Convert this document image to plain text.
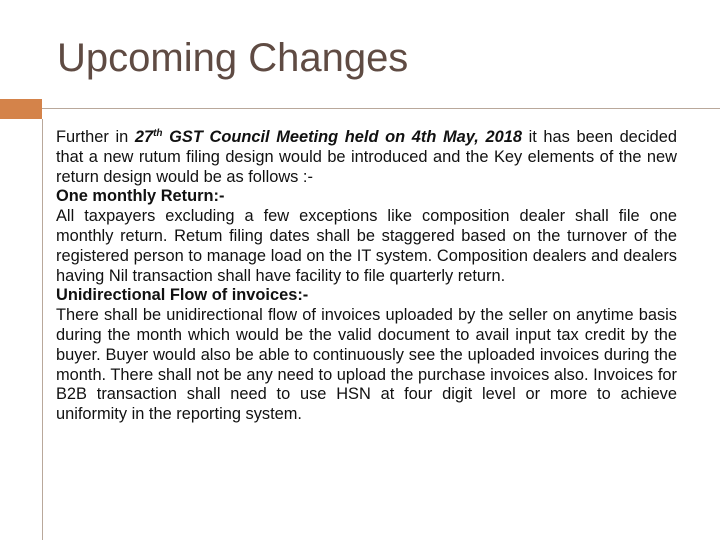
Upcoming Changes

Further in 27th GST Council Meeting held on 4th May, 2018 it has been decided that a new rutum filing design would be introduced and the Key elements of the new return design would be as follows :-

One monthly Return:-

All taxpayers excluding a few exceptions like composition dealer shall file one monthly return. Retum filing dates shall be staggered based on the turnover of the registered person to manage load on the IT system. Composition dealers and dealers having Nil transaction shall have facility to file quarterly return.

Unidirectional Flow of invoices:-

There shall be unidirectional flow of invoices uploaded by the seller on anytime basis during the month which would be the valid document to avail input tax credit by the buyer. Buyer would also be able to continuously see the uploaded invoices during the month. There shall not be any need to upload the purchase invoices also. Invoices for B2B transaction shall need to use HSN at four digit level or more to achieve uniformity in the reporting system.
